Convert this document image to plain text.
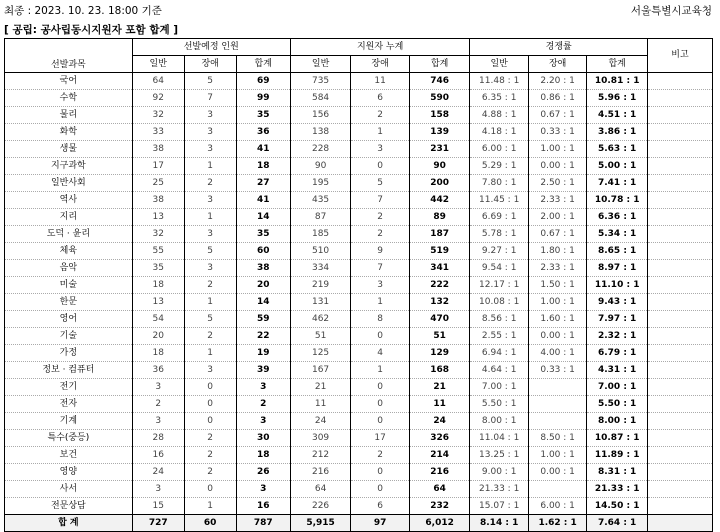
최종 : 2023. 10. 23. 18:00 기준	서울특별시교육청
[ 공립: 공사립동시지원자 포함 합계 ]
선발과목	선발예정 인원			지원자 누계			경쟁률			비고
	일반	장애	합계	일반	장애	합계	일반	장애	합계	
국어	64	5	69	735	11	746	11.48 : 1	2.20 : 1	10.81 : 1	
수학	92	7	99	584	6	590	6.35 : 1	0.86 : 1	5.96 : 1	
물리	32	3	35	156	2	158	4.88 : 1	0.67 : 1	4.51 : 1	
화학	33	3	36	138	1	139	4.18 : 1	0.33 : 1	3.86 : 1	
생물	38	3	41	228	3	231	6.00 : 1	1.00 : 1	5.63 : 1	
지구과학	17	1	18	90	0	90	5.29 : 1	0.00 : 1	5.00 : 1	
일반사회	25	2	27	195	5	200	7.80 : 1	2.50 : 1	7.41 : 1	
역사	38	3	41	435	7	442	11.45 : 1	2.33 : 1	10.78 : 1	
지리	13	1	14	87	2	89	6.69 : 1	2.00 : 1	6.36 : 1	
도덕 · 윤리	32	3	35	185	2	187	5.78 : 1	0.67 : 1	5.34 : 1	
체육	55	5	60	510	9	519	9.27 : 1	1.80 : 1	8.65 : 1	
음악	35	3	38	334	7	341	9.54 : 1	2.33 : 1	8.97 : 1	
미술	18	2	20	219	3	222	12.17 : 1	1.50 : 1	11.10 : 1	
한문	13	1	14	131	1	132	10.08 : 1	1.00 : 1	9.43 : 1	
영어	54	5	59	462	8	470	8.56 : 1	1.60 : 1	7.97 : 1	
기술	20	2	22	51	0	51	2.55 : 1	0.00 : 1	2.32 : 1	
가정	18	1	19	125	4	129	6.94 : 1	4.00 : 1	6.79 : 1	
정보 · 컴퓨터	36	3	39	167	1	168	4.64 : 1	0.33 : 1	4.31 : 1	
전기	3	0	3	21	0	21	7.00 : 1		7.00 : 1	
전자	2	0	2	11	0	11	5.50 : 1		5.50 : 1	
기계	3	0	3	24	0	24	8.00 : 1		8.00 : 1	
특수(중등)	28	2	30	309	17	326	11.04 : 1	8.50 : 1	10.87 : 1	
보건	16	2	18	212	2	214	13.25 : 1	1.00 : 1	11.89 : 1	
영양	24	2	26	216	0	216	9.00 : 1	0.00 : 1	8.31 : 1	
사서	3	0	3	64	0	64	21.33 : 1		21.33 : 1	
전문상담	15	1	16	226	6	232	15.07 : 1	6.00 : 1	14.50 : 1	
합 계	727	60	787	5,915	97	6,012	8.14 : 1	1.62 : 1	7.64 : 1	
